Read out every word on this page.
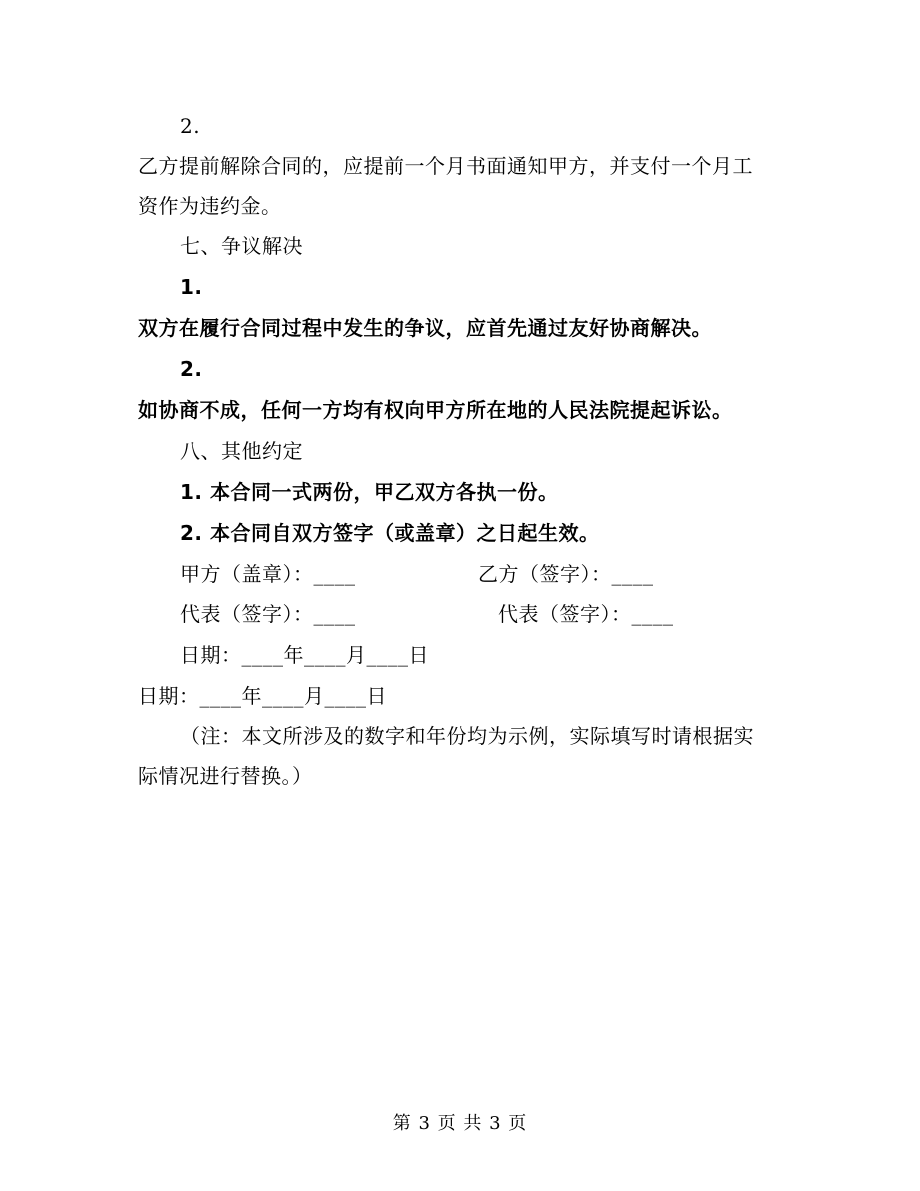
2.
乙方提前解除合同的，应提前一个月书面通知甲方，并支付一个月工
资作为违约金。
七、争议解决
1.
双方在履行合同过程中发生的争议，应首先通过友好协商解决。
2.
如协商不成，任何一方均有权向甲方所在地的人民法院提起诉讼。
八、其他约定
1. 本合同一式两份，甲乙双方各执一份。
2. 本合同自双方签字（或盖章）之日起生效。
甲方（盖章）：____	乙方（签字）：____
代表（签字）：____	代表（签字）：____
日期：____年____月____日
日期：____年____月____日
（注：本文所涉及的数字和年份均为示例，实际填写时请根据实
际情况进行替换。）
第 3 页 共 3 页
